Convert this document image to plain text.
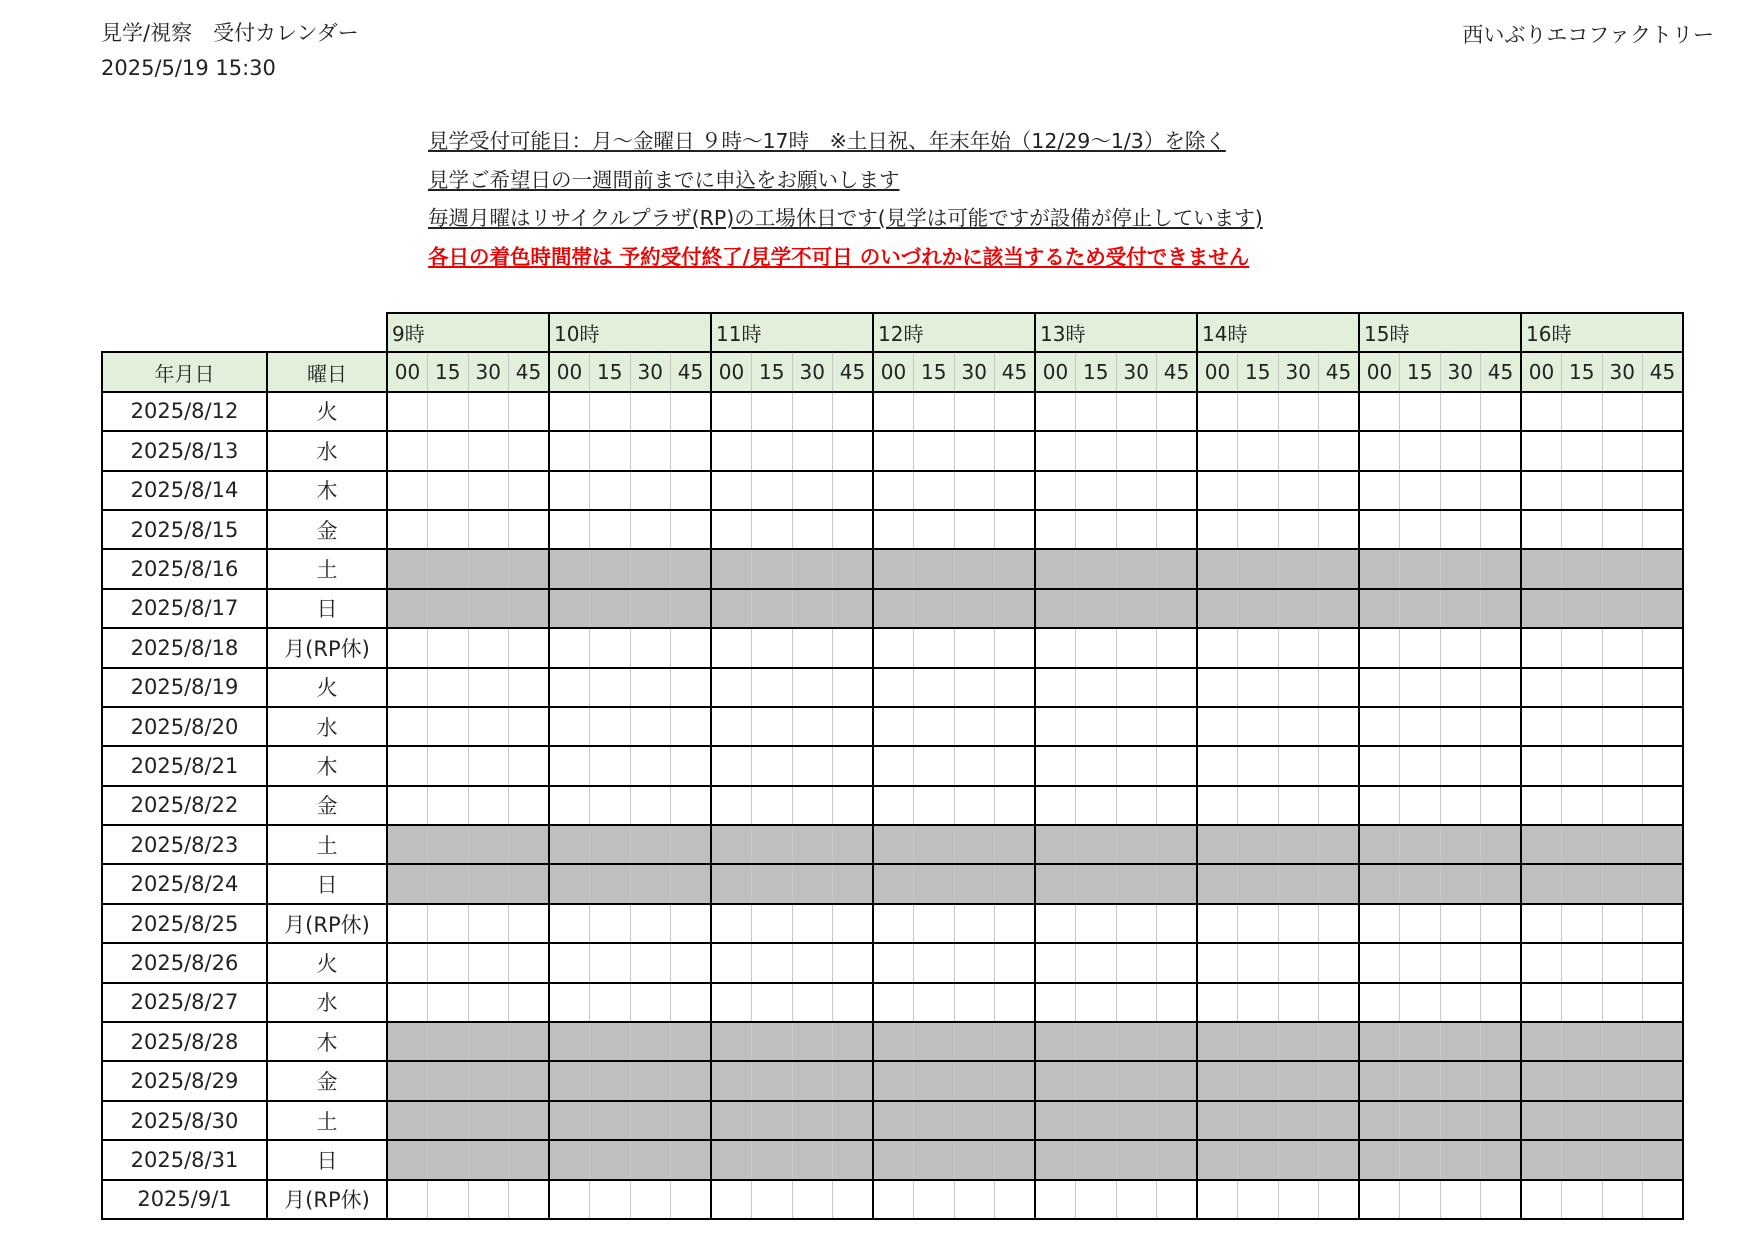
見学/視察　受付カレンダー
2025/5/19 15:30
西いぶりエコファクトリー
見学受付可能日：月～金曜日 ９時～17時　※土日祝、年末年始（12/29～1/3）を除く
見学ご希望日の一週間前までに申込をお願いします
毎週月曜はリサイクルプラザ(RP)の工場休日です(見学は可能ですが設備が停止しています)
各日の着色時間帯は 予約受付終了/見学不可日 のいづれかに該当するため受付できません
		9時				10時				11時				12時				13時				14時				15時				16時			
年月日	曜日	00	15	30	45	00	15	30	45	00	15	30	45	00	15	30	45	00	15	30	45	00	15	30	45	00	15	30	45	00	15	30	45
2025/8/12	火																																
2025/8/13	水																																
2025/8/14	木																																
2025/8/15	金																																
2025/8/16	土																																
2025/8/17	日																																
2025/8/18	月(RP休)																																
2025/8/19	火																																
2025/8/20	水																																
2025/8/21	木																																
2025/8/22	金																																
2025/8/23	土																																
2025/8/24	日																																
2025/8/25	月(RP休)																																
2025/8/26	火																																
2025/8/27	水																																
2025/8/28	木																																
2025/8/29	金																																
2025/8/30	土																																
2025/8/31	日																																
2025/9/1	月(RP休)																																
